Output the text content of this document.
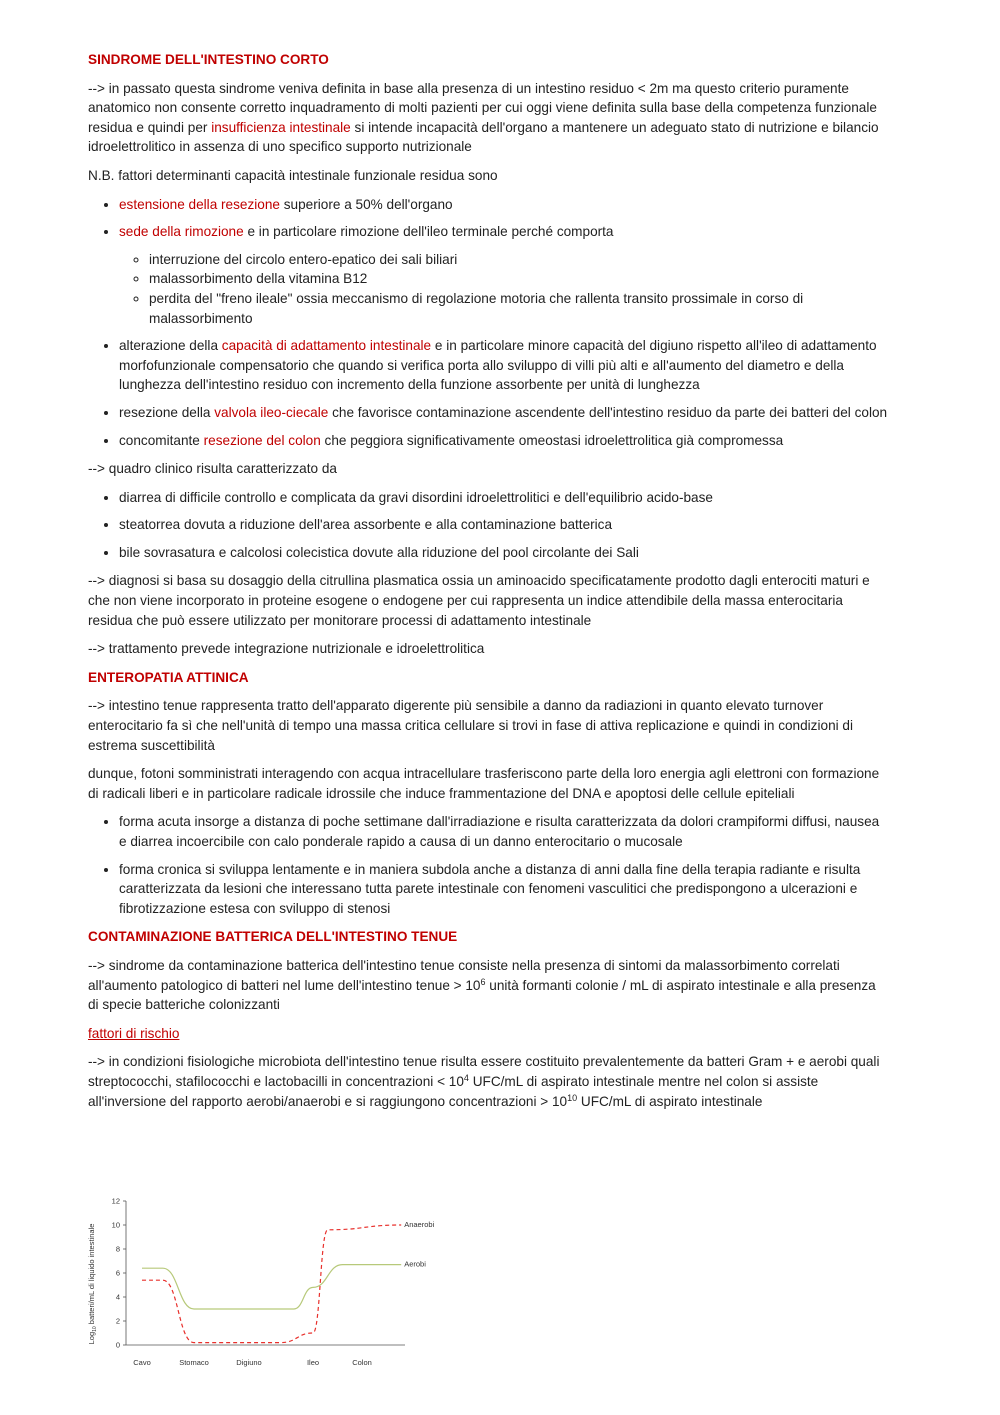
SINDROME DELL'INTESTINO CORTO

--> in passato questa sindrome veniva definita in base alla presenza di un intestino residuo < 2m ma questo criterio puramente anatomico non consente corretto inquadramento di molti pazienti per cui oggi viene definita sulla base della competenza funzionale residua e quindi per insufficienza intestinale si intende incapacità dell'organo a mantenere un adeguato stato di nutrizione e bilancio idroelettrolitico in assenza di uno specifico supporto nutrizionale

N.B. fattori determinanti capacità intestinale funzionale residua sono

• estensione della resezione superiore a 50% dell'organo
• sede della rimozione e in particolare rimozione dell'ileo terminale perché comporta
◦ interruzione del circolo entero-epatico dei sali biliari
◦ malassorbimento della vitamina B12
◦ perdita del "freno ileale" ossia meccanismo di regolazione motoria che rallenta transito prossimale in corso di malassorbimento
• alterazione della capacità di adattamento intestinale e in particolare minore capacità del digiuno rispetto all'ileo di adattamento morfofunzionale compensatorio che quando si verifica porta allo sviluppo di villi più alti e all'aumento del diametro e della lunghezza dell'intestino residuo con incremento della funzione assorbente per unità di lunghezza
• resezione della valvola ileo-ciecale che favorisce contaminazione ascendente dell'intestino residuo da parte dei batteri del colon
• concomitante resezione del colon che peggiora significativamente omeostasi idroelettrolitica già compromessa

--> quadro clinico risulta caratterizzato da

• diarrea di difficile controllo e complicata da gravi disordini idroelettrolitici e dell'equilibrio acido-base
• steatorrea dovuta a riduzione dell'area assorbente e alla contaminazione batterica
• bile sovrasatura e calcolosi colecistica dovute alla riduzione del pool circolante dei Sali

--> diagnosi si basa su dosaggio della citrullina plasmatica ossia un aminoacido specificatamente prodotto dagli enterociti maturi e che non viene incorporato in proteine esogene o endogene per cui rappresenta un indice attendibile della massa enterocitaria residua che può essere utilizzato per monitorare processi di adattamento intestinale

--> trattamento prevede integrazione nutrizionale e idroelettrolitica

ENTEROPATIA ATTINICA

--> intestino tenue rappresenta tratto dell'apparato digerente più sensibile a danno da radiazioni in quanto elevato turnover enterocitario fa sì che nell'unità di tempo una massa critica cellulare si trovi in fase di attiva replicazione e quindi in condizioni di estrema suscettibilità

dunque, fotoni somministrati interagendo con acqua intracellulare trasferiscono parte della loro energia agli elettroni con formazione di radicali liberi e in particolare radicale idrossile che induce frammentazione del DNA e apoptosi delle cellule epiteliali

• forma acuta insorge a distanza di poche settimane dall'irradiazione e risulta caratterizzata da dolori crampiformi diffusi, nausea e diarrea incoercibile con calo ponderale rapido a causa di un danno enterocitario o mucosale
• forma cronica si sviluppa lentamente e in maniera subdola anche a distanza di anni dalla fine della terapia radiante e risulta caratterizzata da lesioni che interessano tutta parete intestinale con fenomeni vasculitici che predispongono a ulcerazioni e fibrotizzazione estesa con sviluppo di stenosi
CONTAMINAZIONE BATTERICA DELL'INTESTINO TENUE

--> sindrome da contaminazione batterica dell'intestino tenue consiste nella presenza di sintomi da malassorbimento correlati all'aumento patologico di batteri nel lume dell'intestino tenue > $10^6$ unità formanti colonie / mL di aspirato intestinale e alla presenza di specie batteriche colonizzanti

fattori di rischio

--> in condizioni fisiologiche microbiota dell'intestino tenue risulta essere costituito prevalentemente da batteri Gram + e aerobi quali streptococchi, stafilococchi e lactobacilli in concentrazioni < $10^4$ UFC/mL di aspirato intestinale mentre nel colon si assiste all'inversione del rapporto aerobi/anaerobi e si raggiungono concentrazioni > $10^{10}$ UFC/mL di aspirato intestinale

0
2
4
6
8
10
12
Cavo	Stomaco	Digiuno	Ileo	Colon
Anaerobi
Aerobi
Log$_{10}$ batteri/mL di liquido intestinale
